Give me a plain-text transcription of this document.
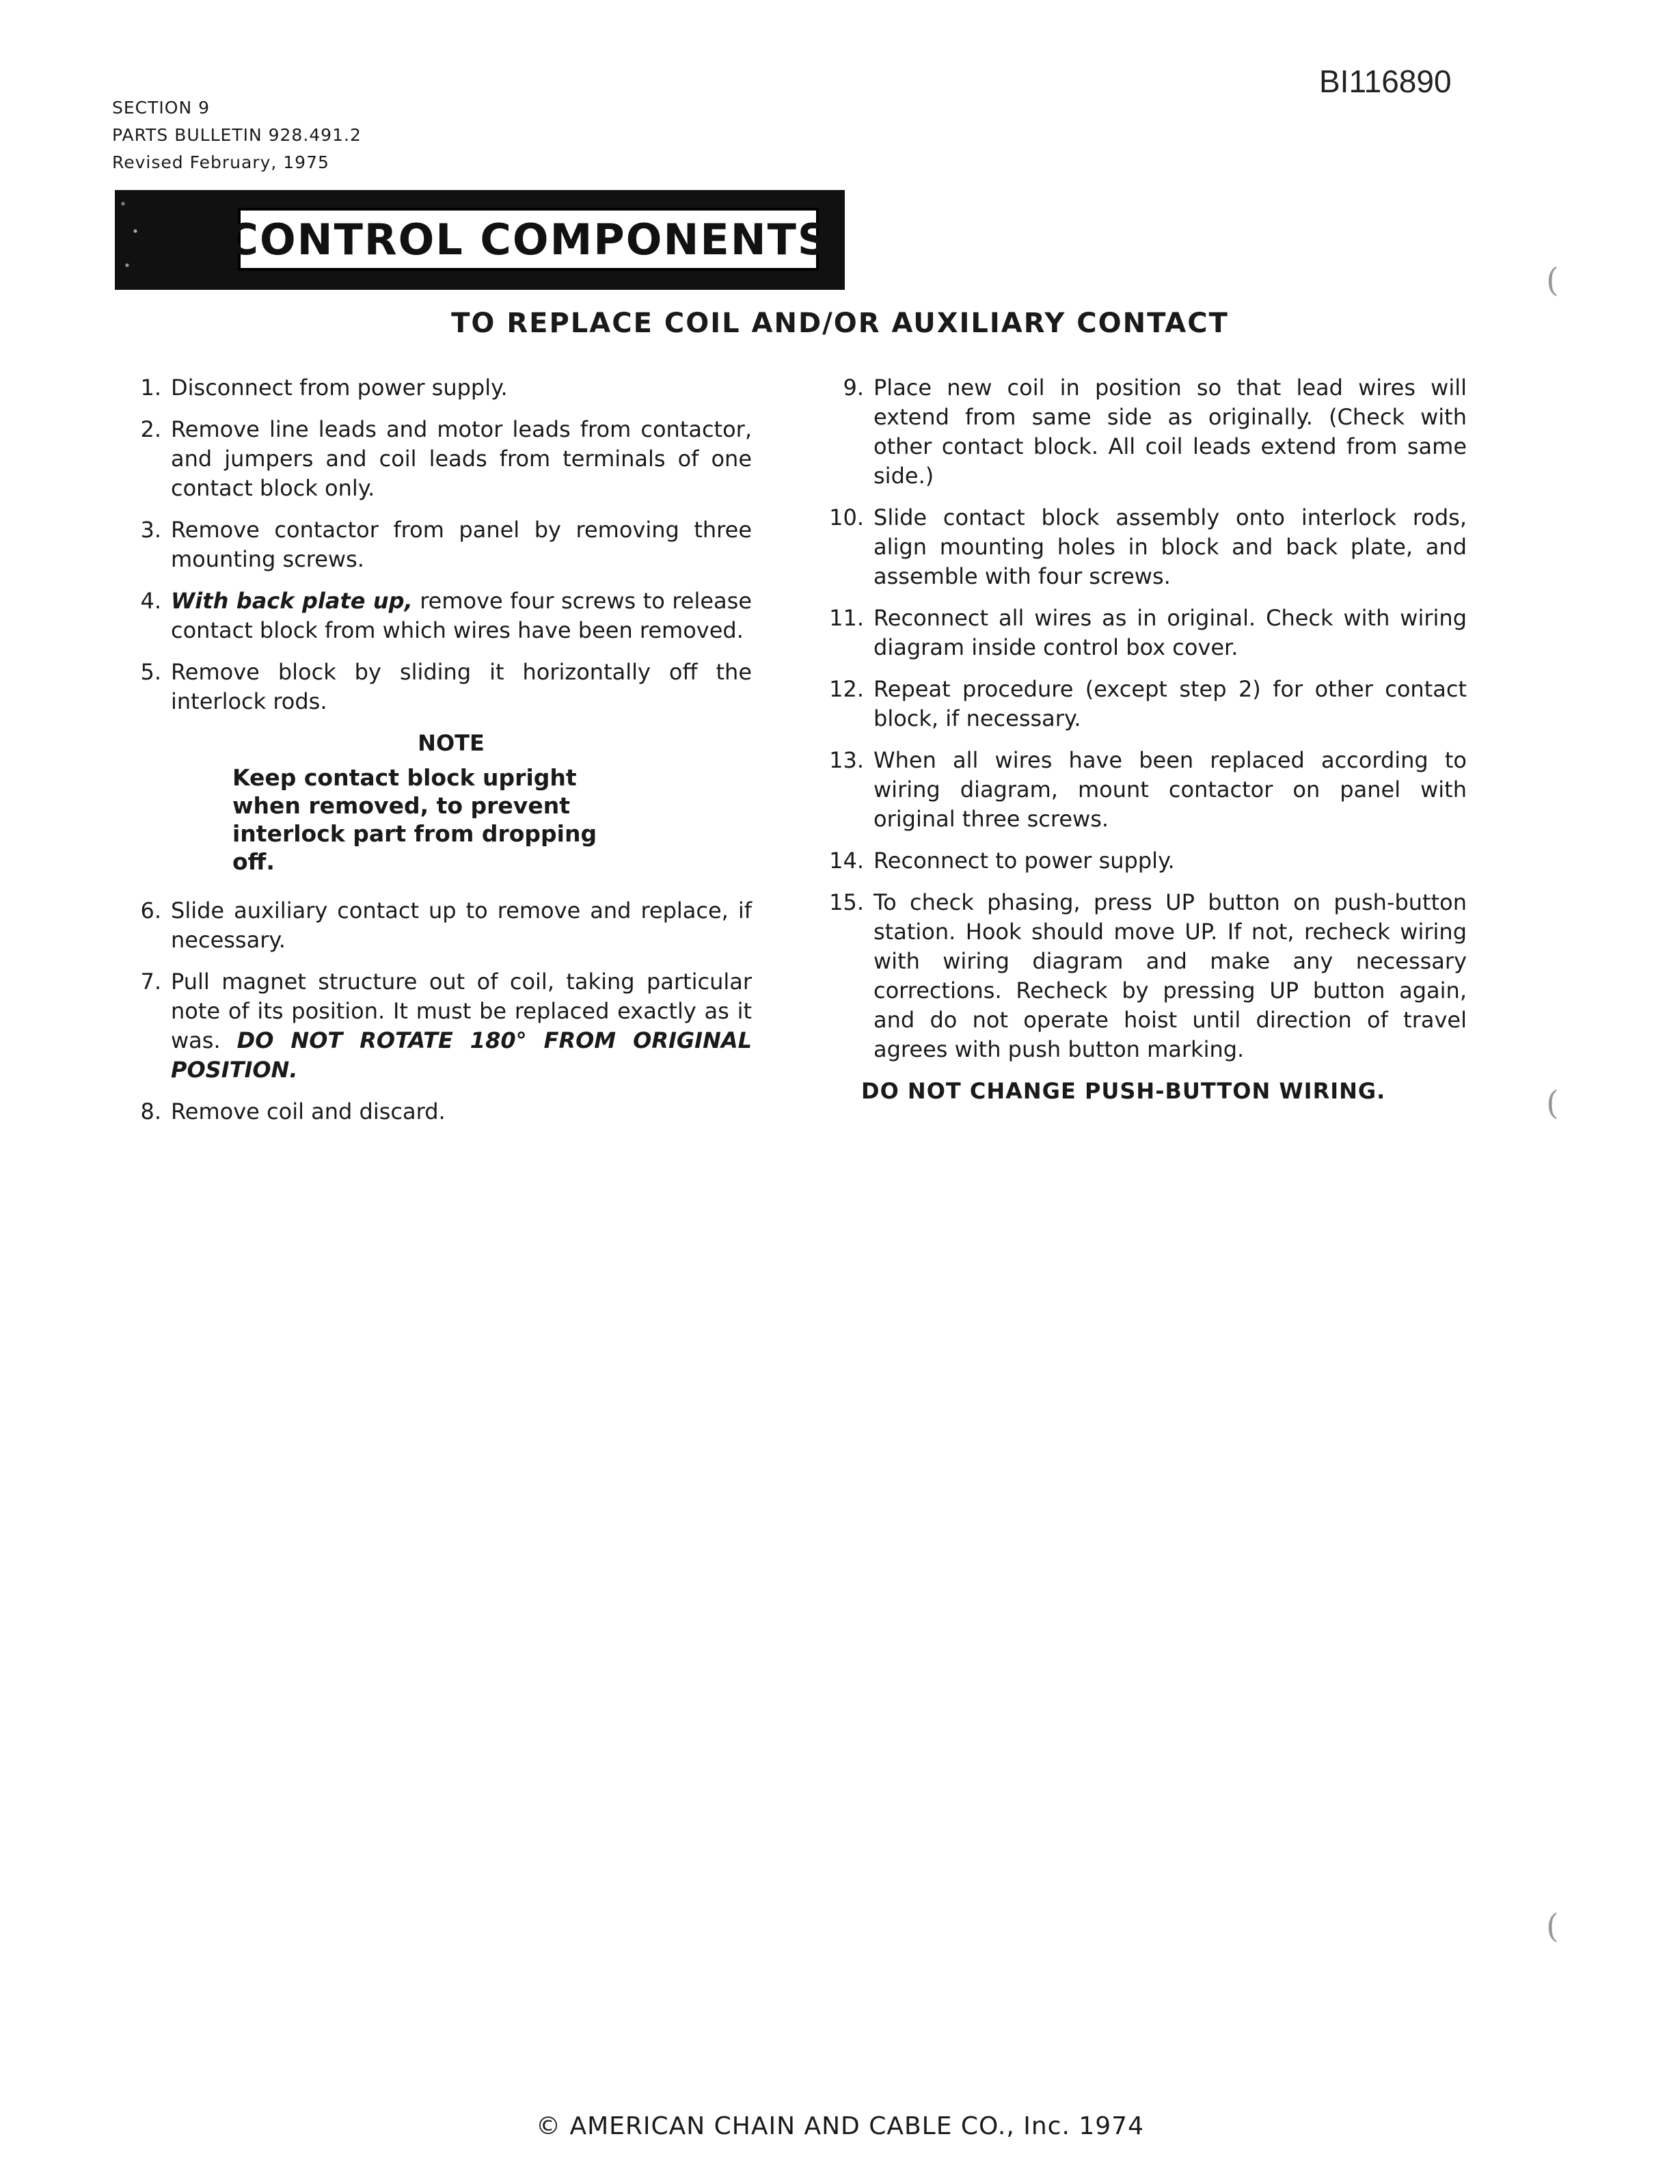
BI116890
SECTION 9
PARTS BULLETIN 928.491.2
Revised February, 1975
CONTROL COMPONENTS
TO REPLACE COIL AND/OR AUXILIARY CONTACT
1. Disconnect from power supply.
2. Remove line leads and motor leads from contactor, and jumpers and coil leads from terminals of one contact block only.
3. Remove contactor from panel by removing three mounting screws.
4. With back plate up, remove four screws to release contact block from which wires have been removed.
5. Remove block by sliding it horizontally off the interlock rods.
NOTE
Keep contact block upright when removed, to prevent interlock part from dropping off.
6. Slide auxiliary contact up to remove and replace, if necessary.
7. Pull magnet structure out of coil, taking particular note of its position. It must be replaced exactly as it was. DO NOT ROTATE 180° FROM ORIGINAL POSITION.
8. Remove coil and discard.
9. Place new coil in position so that lead wires will extend from same side as originally. (Check with other contact block. All coil leads extend from same side.)
10. Slide contact block assembly onto interlock rods, align mounting holes in block and back plate, and assemble with four screws.
11. Reconnect all wires as in original. Check with wiring diagram inside control box cover.
12. Repeat procedure (except step 2) for other contact block, if necessary.
13. When all wires have been replaced according to wiring diagram, mount contactor on panel with original three screws.
14. Reconnect to power supply.
15. To check phasing, press UP button on push-button station. Hook should move UP. If not, recheck wiring with wiring diagram and make any necessary corrections. Recheck by pressing UP button again, and do not operate hoist until direction of travel agrees with push button marking.
DO NOT CHANGE PUSH-BUTTON WIRING.
(
(
(
© AMERICAN CHAIN AND CABLE CO., Inc. 1974
